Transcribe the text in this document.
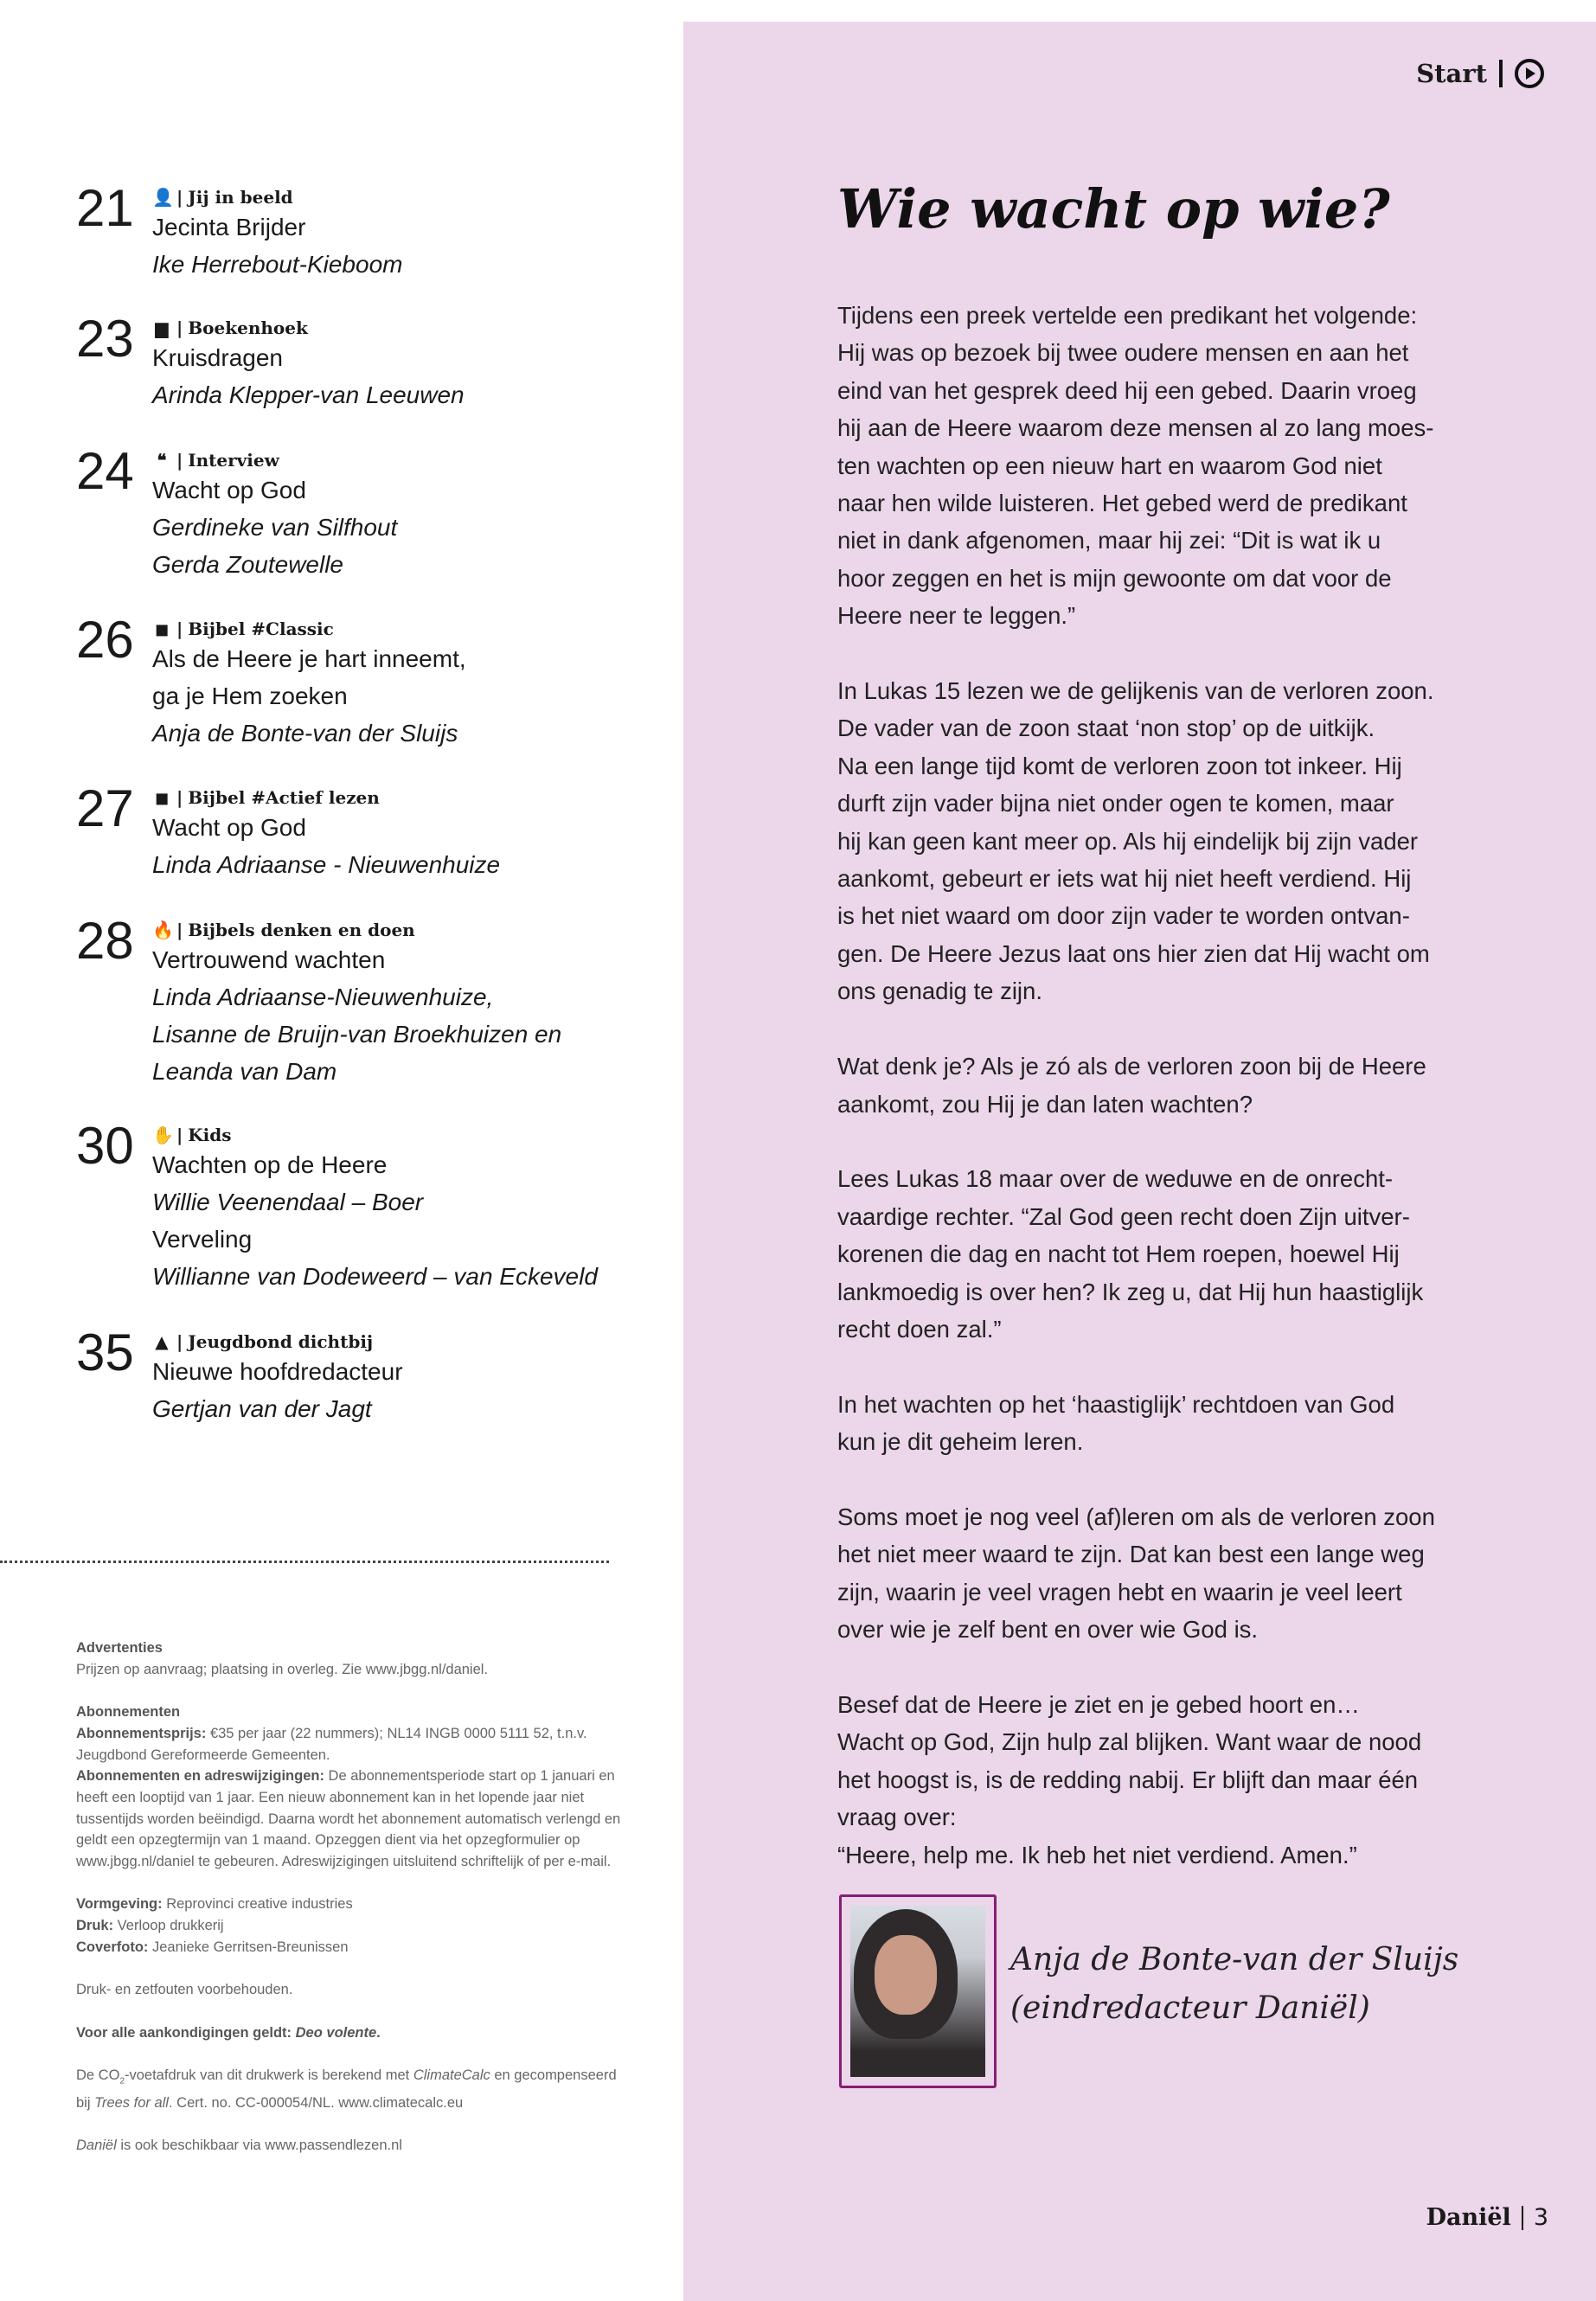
Start
21 👤 | Jij in beeld
Jecinta Brijder
Ike Herrebout-Kieboom
23 ▆ | Boekenhoek
Kruisdragen
Arinda Klepper-van Leeuwen
24 ❝ | Interview
Wacht op God
Gerdineke van Silfhout
Gerda Zoutewelle
26 ◼ | Bijbel #Classic
Als de Heere je hart inneemt,
ga je Hem zoeken
Anja de Bonte-van der Sluijs
27 ◼ | Bijbel #Actief lezen
Wacht op God
Linda Adriaanse - Nieuwenhuize
28 🔥 | Bijbels denken en doen
Vertrouwend wachten
Linda Adriaanse-Nieuwenhuize,
Lisanne de Bruijn-van Broekhuizen en
Leanda van Dam
30 ✋ | Kids
Wachten op de Heere
Willie Veenendaal – Boer
Verveling
Willianne van Dodeweerd – van Eckeveld
35 ▲ | Jeugdbond dichtbij
Nieuwe hoofdredacteur
Gertjan van der Jagt

Advertenties
Prijzen op aanvraag; plaatsing in overleg. Zie www.jbgg.nl/daniel.

Abonnementen
Abonnementsprijs: €35 per jaar (22 nummers); NL14 INGB 0000 5111 52, t.n.v. Jeugdbond Gereformeerde Gemeenten.
Abonnementen en adreswijzigingen: De abonnementsperiode start op 1 januari en heeft een looptijd van 1 jaar. Een nieuw abonnement kan in het lopende jaar niet tussentijds worden beëindigd. Daarna wordt het abonnement automatisch verlengd en geldt een opzegtermijn van 1 maand. Opzeggen dient via het opzegformulier op www.jbgg.nl/daniel te gebeuren. Adreswijzigingen uitsluitend schriftelijk of per e-mail.

Vormgeving: Reprovinci creative industries
Druk: Verloop drukkerij
Coverfoto: Jeanieke Gerritsen-Breunissen

Druk- en zetfouten voorbehouden.

Voor alle aankondigingen geldt: Deo volente.

De $CO_2$-voetafdruk van dit drukwerk is berekend met ClimateCalc en gecompenseerd bij Trees for all. Cert. no. CC-000054/NL. www.climatecalc.eu

Daniël is ook beschikbaar via www.passendlezen.nl

Wie wacht op wie?

Tijdens een preek vertelde een predikant het volgende:
Hij was op bezoek bij twee oudere mensen en aan het
eind van het gesprek deed hij een gebed. Daarin vroeg
hij aan de Heere waarom deze mensen al zo lang moes-
ten wachten op een nieuw hart en waarom God niet
naar hen wilde luisteren. Het gebed werd de predikant
niet in dank afgenomen, maar hij zei: “Dit is wat ik u
hoor zeggen en het is mijn gewoonte om dat voor de
Heere neer te leggen.”

In Lukas 15 lezen we de gelijkenis van de verloren zoon.
De vader van de zoon staat ‘non stop’ op de uitkijk.
Na een lange tijd komt de verloren zoon tot inkeer. Hij
durft zijn vader bijna niet onder ogen te komen, maar
hij kan geen kant meer op. Als hij eindelijk bij zijn vader
aankomt, gebeurt er iets wat hij niet heeft verdiend. Hij
is het niet waard om door zijn vader te worden ontvan-
gen. De Heere Jezus laat ons hier zien dat Hij wacht om
ons genadig te zijn.

Wat denk je? Als je zó als de verloren zoon bij de Heere
aankomt, zou Hij je dan laten wachten?

Lees Lukas 18 maar over de weduwe en de onrecht-
vaardige rechter. “Zal God geen recht doen Zijn uitver-
korenen die dag en nacht tot Hem roepen, hoewel Hij
lankmoedig is over hen? Ik zeg u, dat Hij hun haastiglijk
recht doen zal.”

In het wachten op het ‘haastiglijk’ rechtdoen van God
kun je dit geheim leren.

Soms moet je nog veel (af)leren om als de verloren zoon
het niet meer waard te zijn. Dat kan best een lange weg
zijn, waarin je veel vragen hebt en waarin je veel leert
over wie je zelf bent en over wie God is.

Besef dat de Heere je ziet en je gebed hoort en…
Wacht op God, Zijn hulp zal blijken. Want waar de nood
het hoogst is, is de redding nabij. Er blijft dan maar één
vraag over:
“Heere, help me. Ik heb het niet verdiend. Amen.”

Anja de Bonte-van der Sluijs
(eindredacteur Daniël)
Daniël 3
